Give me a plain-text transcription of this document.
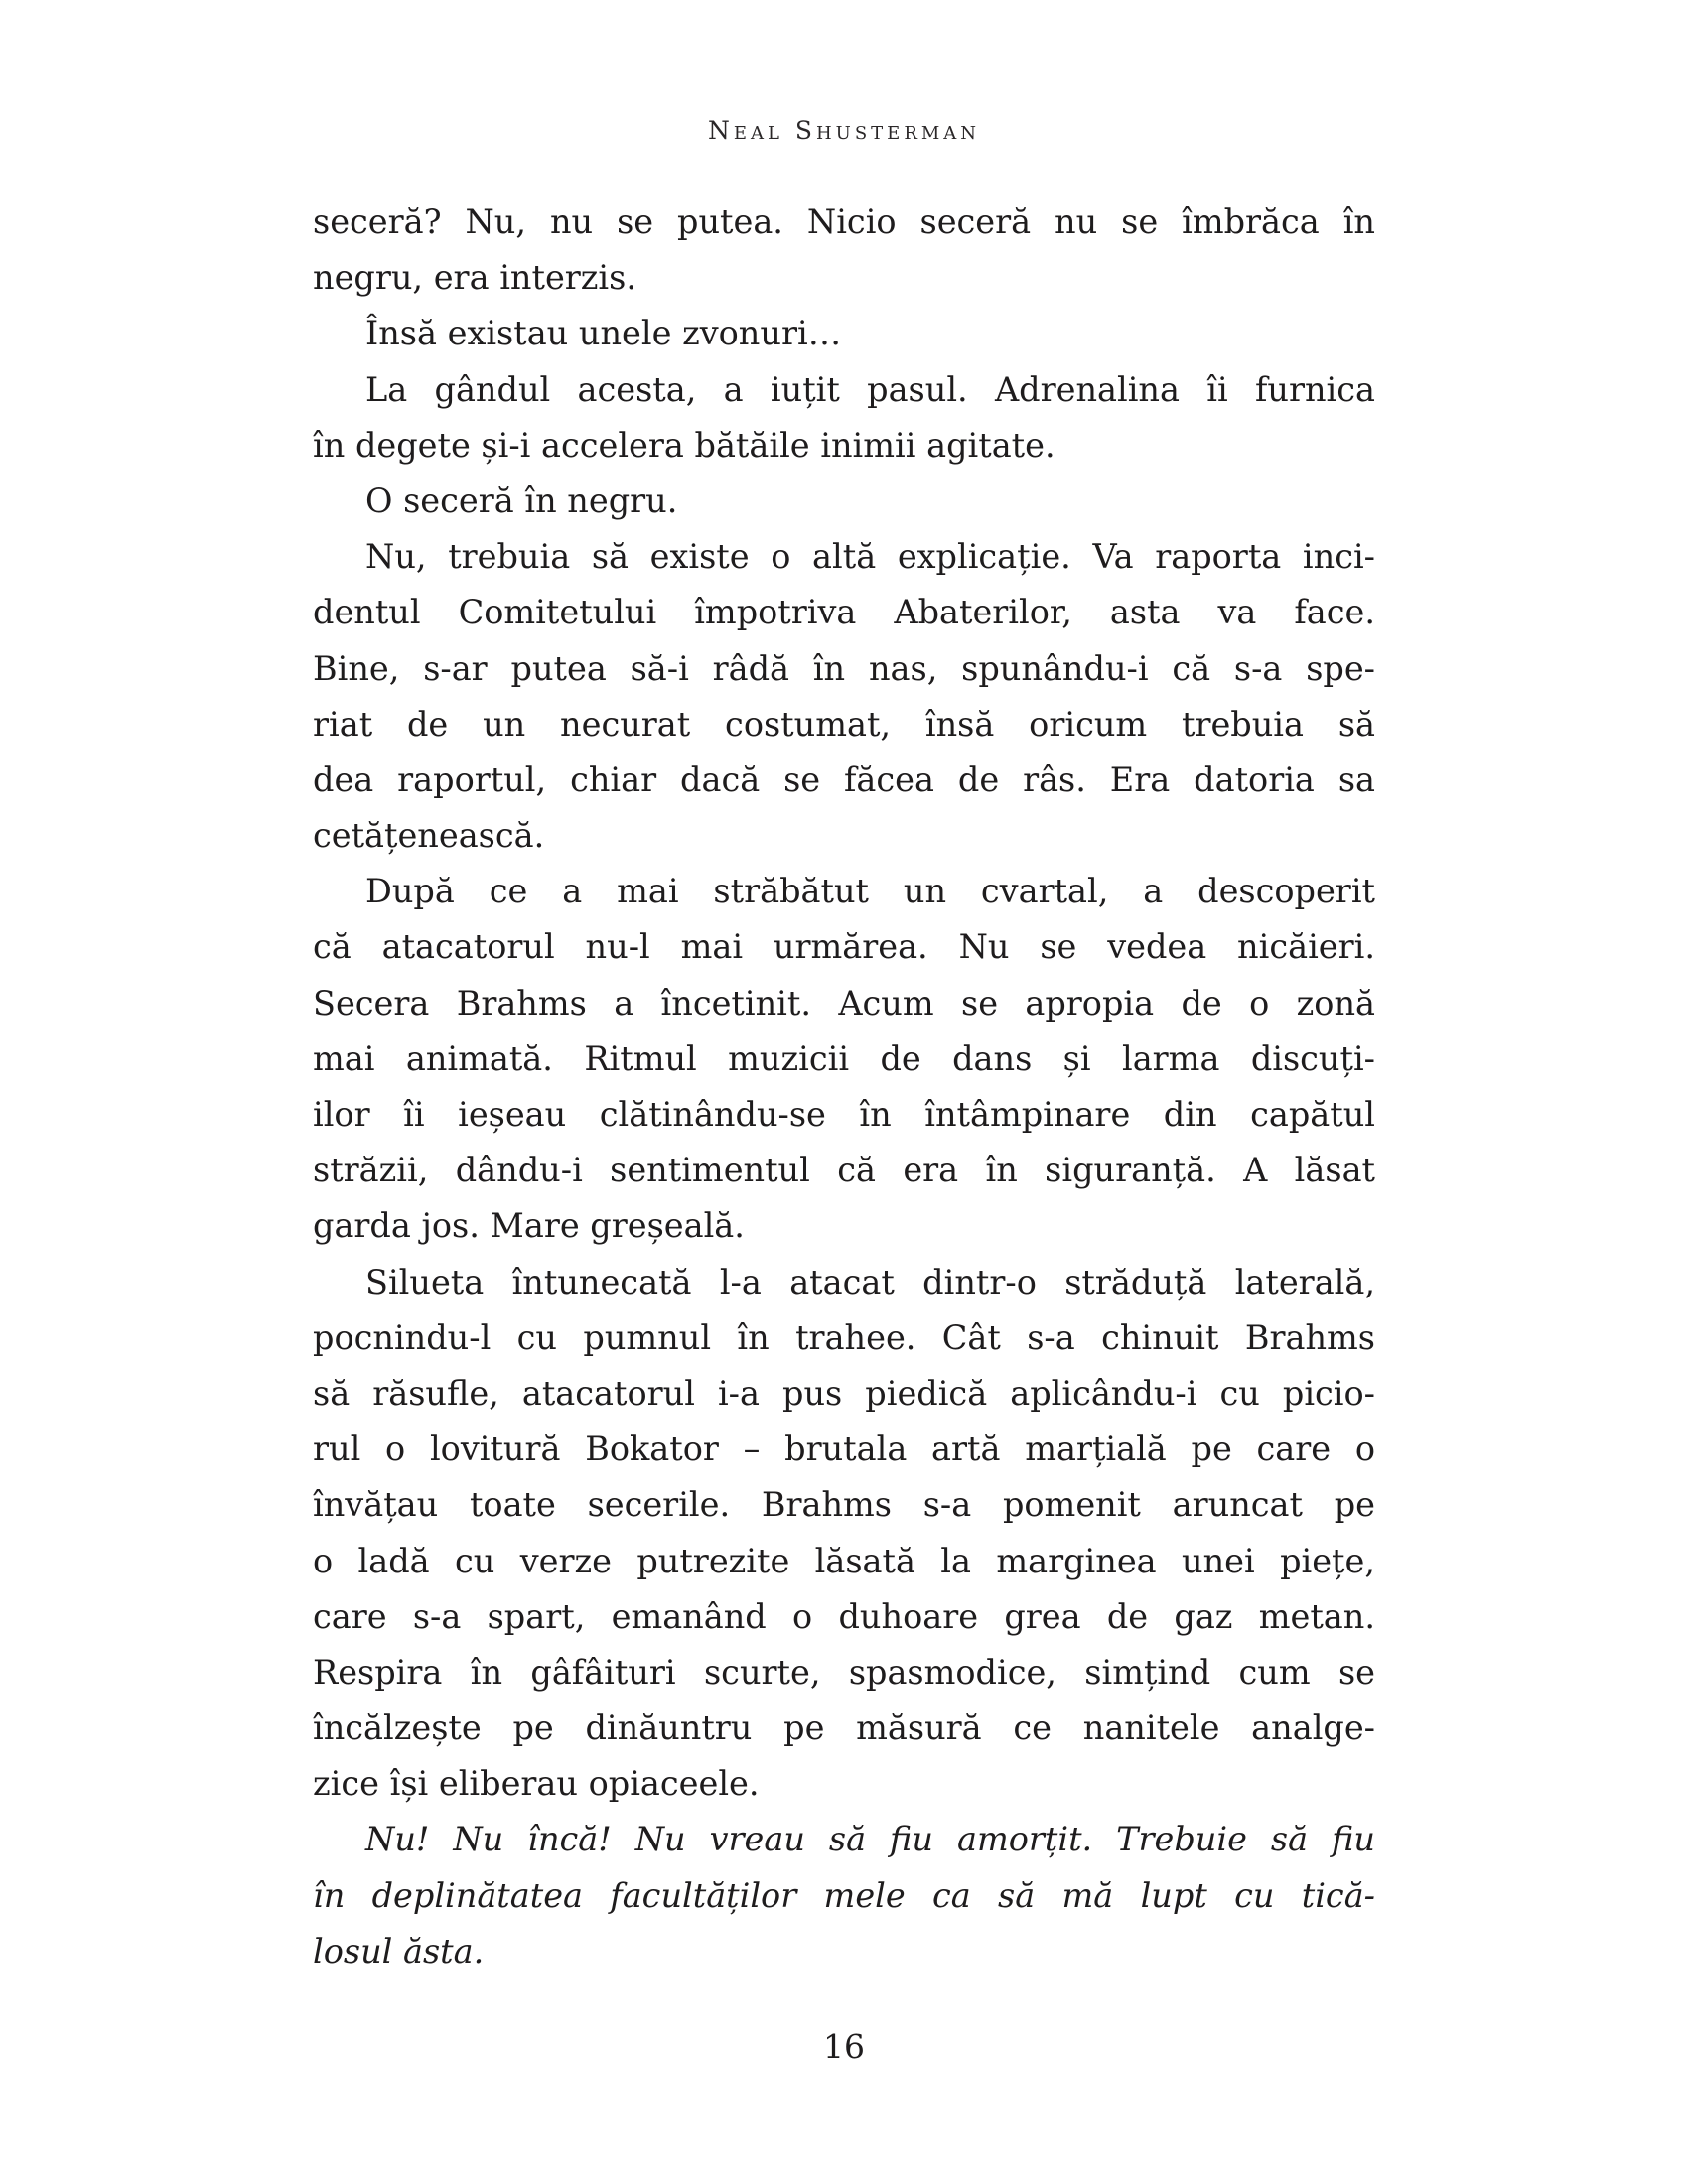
Neal Shusterman
seceră? Nu, nu se putea. Nicio seceră nu se îmbrăca în
negru, era interzis.
Însă existau unele zvonuri…
La gândul acesta, a iuțit pasul. Adrenalina îi furnica
în degete și-i accelera bătăile inimii agitate.
O seceră în negru.
Nu, trebuia să existe o altă explicație. Va raporta inci-
dentul Comitetului împotriva Abaterilor, asta va face.
Bine, s-ar putea să-i râdă în nas, spunându-i că s-a spe-
riat de un necurat costumat, însă oricum trebuia să
dea raportul, chiar dacă se făcea de râs. Era datoria sa
cetățenească.
După ce a mai străbătut un cvartal, a descoperit
că atacatorul nu-l mai urmărea. Nu se vedea nicăieri.
Secera Brahms a încetinit. Acum se apropia de o zonă
mai animată. Ritmul muzicii de dans și larma discuți-
ilor îi ieșeau clătinându-se în întâmpinare din capătul
străzii, dându-i sentimentul că era în siguranță. A lăsat
garda jos. Mare greșeală.
Silueta întunecată l-a atacat dintr-o străduță laterală,
pocnindu-l cu pumnul în trahee. Cât s-a chinuit Brahms
să răsufle, atacatorul i-a pus piedică aplicându-i cu picio-
rul o lovitură Bokator – brutala artă marțială pe care o
învățau toate secerile. Brahms s-a pomenit aruncat pe
o ladă cu verze putrezite lăsată la marginea unei piețe,
care s-a spart, emanând o duhoare grea de gaz metan.
Respira în gâfâituri scurte, spasmodice, simțind cum se
încălzește pe dinăuntru pe măsură ce nanitele analge-
zice își eliberau opiaceele.
Nu! Nu încă! Nu vreau să fiu amorțit. Trebuie să fiu
în deplinătatea facultăților mele ca să mă lupt cu tică-
losul ăsta.
16
